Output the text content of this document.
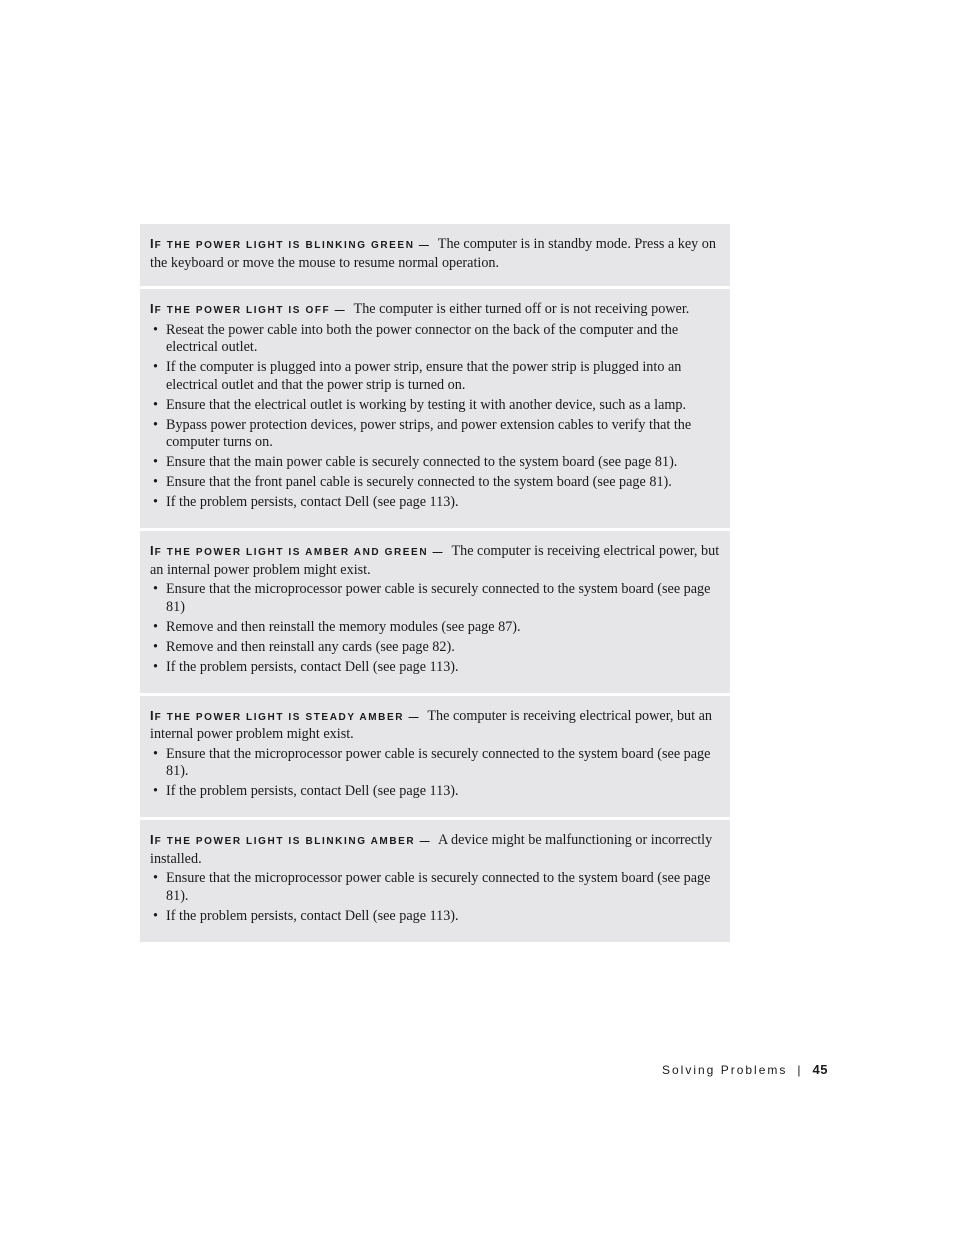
IF THE POWER LIGHT IS BLINKING GREEN — The computer is in standby mode. Press a key on the keyboard or move the mouse to resume normal operation.

IF THE POWER LIGHT IS OFF — The computer is either turned off or is not receiving power.

• Reseat the power cable into both the power connector on the back of the computer and the electrical outlet.
• If the computer is plugged into a power strip, ensure that the power strip is plugged into an electrical outlet and that the power strip is turned on.
• Ensure that the electrical outlet is working by testing it with another device, such as a lamp.
• Bypass power protection devices, power strips, and power extension cables to verify that the computer turns on.
• Ensure that the main power cable is securely connected to the system board (see page 81).
• Ensure that the front panel cable is securely connected to the system board (see page 81).
• If the problem persists, contact Dell (see page 113).

IF THE POWER LIGHT IS AMBER AND GREEN — The computer is receiving electrical power, but an internal power problem might exist.

• Ensure that the microprocessor power cable is securely connected to the system board (see page 81)
• Remove and then reinstall the memory modules (see page 87).
• Remove and then reinstall any cards (see page 82).
• If the problem persists, contact Dell (see page 113).

IF THE POWER LIGHT IS STEADY AMBER — The computer is receiving electrical power, but an internal power problem might exist.

• Ensure that the microprocessor power cable is securely connected to the system board (see page 81).
• If the problem persists, contact Dell (see page 113).

IF THE POWER LIGHT IS BLINKING AMBER — A device might be malfunctioning or incorrectly installed.

• Ensure that the microprocessor power cable is securely connected to the system board (see page 81).
• If the problem persists, contact Dell (see page 113).
Solving Problems | 45
